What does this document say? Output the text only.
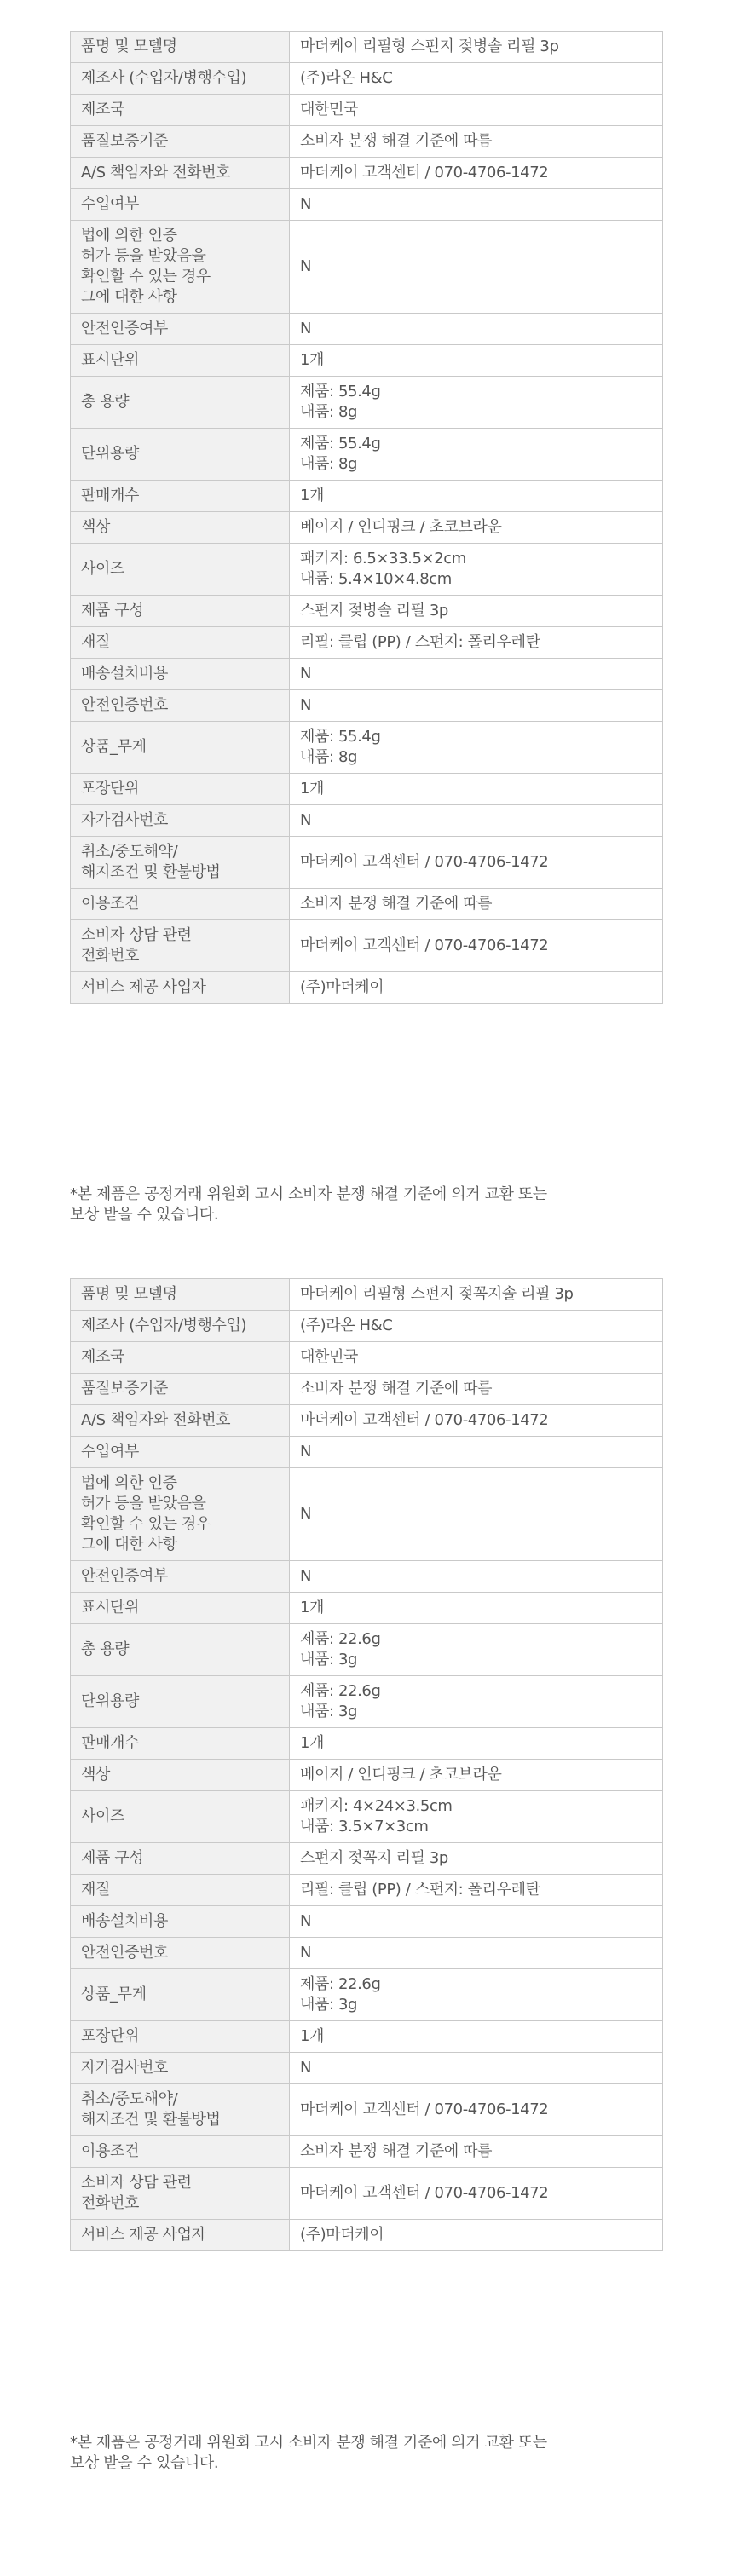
품명 및 모델명	마더케이 리필형 스펀지 젖병솔 리필 3p

제조사 (수입자/병행수입)	(주)라온 H&C

제조국	대한민국

품질보증기준	소비자 분쟁 해결 기준에 따름

A/S 책임자와 전화번호	마더케이 고객센터 / 070-4706-1472

수입여부	N

법에 의한 인증
허가 등을 받았음을
확인할 수 있는 경우
그에 대한 사항	N

안전인증여부	N

표시단위	1개

총 용량	제품: 55.4g
내품: 8g

단위용량	제품: 55.4g
내품: 8g

판매개수	1개

색상	베이지 / 인디핑크 / 초코브라운

사이즈	패키지: 6.5×33.5×2cm
내품: 5.4×10×4.8cm

제품 구성	스펀지 젖병솔 리필 3p

재질	리필: 클립 (PP) / 스펀지: 폴리우레탄

배송설치비용	N

안전인증번호	N

상품_무게	제품: 55.4g
내품: 8g

포장단위	1개

자가검사번호	N

취소/중도해약/
해지조건 및 환불방법	마더케이 고객센터 / 070-4706-1472

이용조건	소비자 분쟁 해결 기준에 따름

소비자 상담 관련
전화번호	마더케이 고객센터 / 070-4706-1472

서비스 제공 사업자	(주)마더케이
*본 제품은 공정거래 위원회 고시 소비자 분쟁 해결 기준에 의거 교환 또는
보상 받을 수 있습니다.
품명 및 모델명	마더케이 리필형 스펀지 젖꼭지솔 리필 3p

제조사 (수입자/병행수입)	(주)라온 H&C

제조국	대한민국

품질보증기준	소비자 분쟁 해결 기준에 따름

A/S 책임자와 전화번호	마더케이 고객센터 / 070-4706-1472

수입여부	N

법에 의한 인증
허가 등을 받았음을
확인할 수 있는 경우
그에 대한 사항	N

안전인증여부	N

표시단위	1개

총 용량	제품: 22.6g
내품: 3g

단위용량	제품: 22.6g
내품: 3g

판매개수	1개

색상	베이지 / 인디핑크 / 초코브라운

사이즈	패키지: 4×24×3.5cm
내품: 3.5×7×3cm

제품 구성	스펀지 젖꼭지 리필 3p

재질	리필: 클립 (PP) / 스펀지: 폴리우레탄

배송설치비용	N

안전인증번호	N

상품_무게	제품: 22.6g
내품: 3g

포장단위	1개

자가검사번호	N

취소/중도해약/
해지조건 및 환불방법	마더케이 고객센터 / 070-4706-1472

이용조건	소비자 분쟁 해결 기준에 따름

소비자 상담 관련
전화번호	마더케이 고객센터 / 070-4706-1472

서비스 제공 사업자	(주)마더케이
*본 제품은 공정거래 위원회 고시 소비자 분쟁 해결 기준에 의거 교환 또는
보상 받을 수 있습니다.
